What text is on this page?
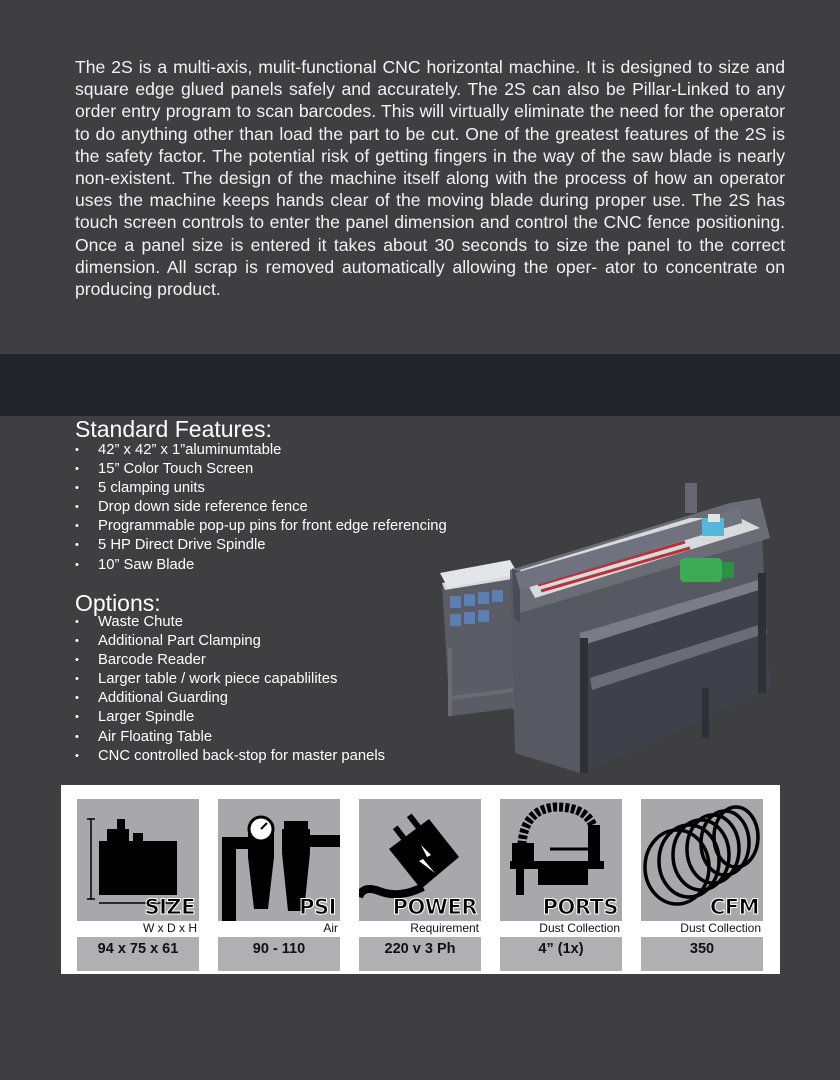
The 2S is a multi-axis, mulit-functional CNC horizontal machine. It is designed to size and square edge glued panels safely and accurately. The 2S can also be Pillar-Linked to any order entry program to scan barcodes. This will virtually eliminate the need for the operator to do anything other than load the part to be cut. One of the greatest features of the 2S is the safety factor. The potential risk of getting fingers in the way of the saw blade is nearly non-existent. The design of the machine itself along with the process of how an operator uses the machine keeps hands clear of the moving blade during proper use. The 2S has touch screen controls to enter the panel dimension and control the CNC fence positioning. Once a panel size is entered it takes about 30 seconds to size the panel to the correct dimension. All scrap is removed automatically allowing the oper- ator to concentrate on producing product.

Standard Features:
• 42” x 42” x 1”aluminumtable
• 15” Color Touch Screen
• 5 clamping units
• Drop down side reference fence
• Programmable pop-up pins for front edge referencing
• 5 HP Direct Drive Spindle
• 10” Saw Blade
Options:
• Waste Chute
• Additional Part Clamping
• Barcode Reader
• Larger table / work piece capablilites
• Additional Guarding
• Larger Spindle
• Air Floating Table
• CNC controlled back-stop for master panels
SIZE
W x D x H
94 x 75 x 61
PSI
Air
90 - 110
POWER
Requirement
220 v 3 Ph
PORTS
Dust Collection
4” (1x)
CFM
Dust Collection
350
